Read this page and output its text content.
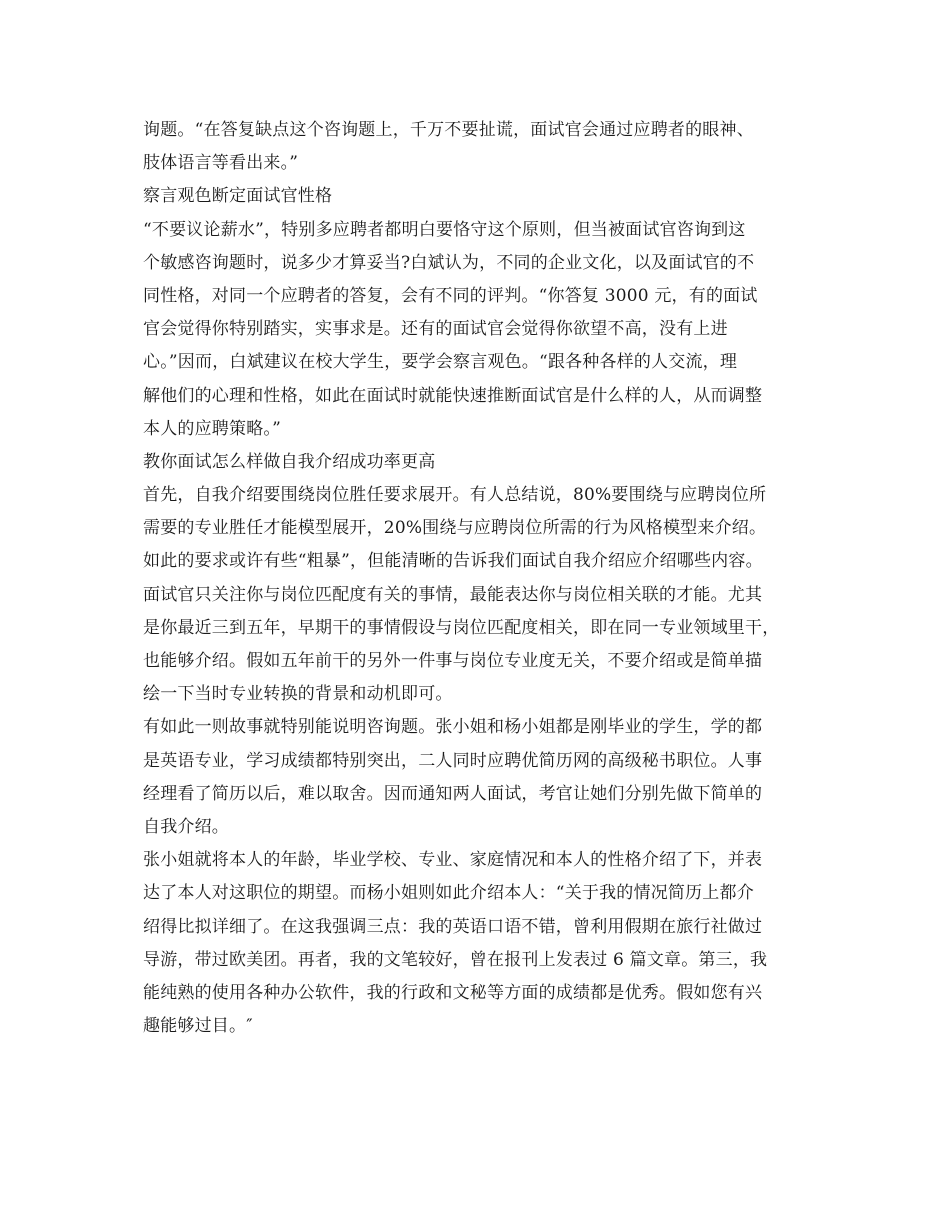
询题。“在答复缺点这个咨询题上，千万不要扯谎，面试官会通过应聘者的眼神、
肢体语言等看出来。”
察言观色断定面试官性格
“不要议论薪水”，特别多应聘者都明白要恪守这个原则，但当被面试官咨询到这
个敏感咨询题时，说多少才算妥当?白斌认为，不同的企业文化，以及面试官的不
同性格，对同一个应聘者的答复，会有不同的评判。“你答复 3000 元，有的面试
官会觉得你特别踏实，实事求是。还有的面试官会觉得你欲望不高，没有上进
心。”因而，白斌建议在校大学生，要学会察言观色。“跟各种各样的人交流，理
解他们的心理和性格，如此在面试时就能快速推断面试官是什么样的人，从而调整
本人的应聘策略。”
教你面试怎么样做自我介绍成功率更高
首先，自我介绍要围绕岗位胜任要求展开。有人总结说，80%要围绕与应聘岗位所
需要的专业胜任才能模型展开，20%围绕与应聘岗位所需的行为风格模型来介绍。
如此的要求或许有些“粗暴”，但能清晰的告诉我们面试自我介绍应介绍哪些内容。
面试官只关注你与岗位匹配度有关的事情，最能表达你与岗位相关联的才能。尤其
是你最近三到五年，早期干的事情假设与岗位匹配度相关，即在同一专业领域里干，
也能够介绍。假如五年前干的另外一件事与岗位专业度无关，不要介绍或是简单描
绘一下当时专业转换的背景和动机即可。
有如此一则故事就特别能说明咨询题。张小姐和杨小姐都是刚毕业的学生，学的都
是英语专业，学习成绩都特别突出，二人同时应聘优简历网的高级秘书职位。人事
经理看了简历以后，难以取舍。因而通知两人面试，考官让她们分别先做下简单的
自我介绍。
张小姐就将本人的年龄，毕业学校、专业、家庭情况和本人的性格介绍了下，并表
达了本人对这职位的期望。而杨小姐则如此介绍本人：“关于我的情况简历上都介
绍得比拟详细了。在这我强调三点：我的英语口语不错，曾利用假期在旅行社做过
导游，带过欧美团。再者，我的文笔较好，曾在报刊上发表过 6 篇文章。第三，我
能纯熟的使用各种办公软件，我的行政和文秘等方面的成绩都是优秀。假如您有兴
趣能够过目。″
